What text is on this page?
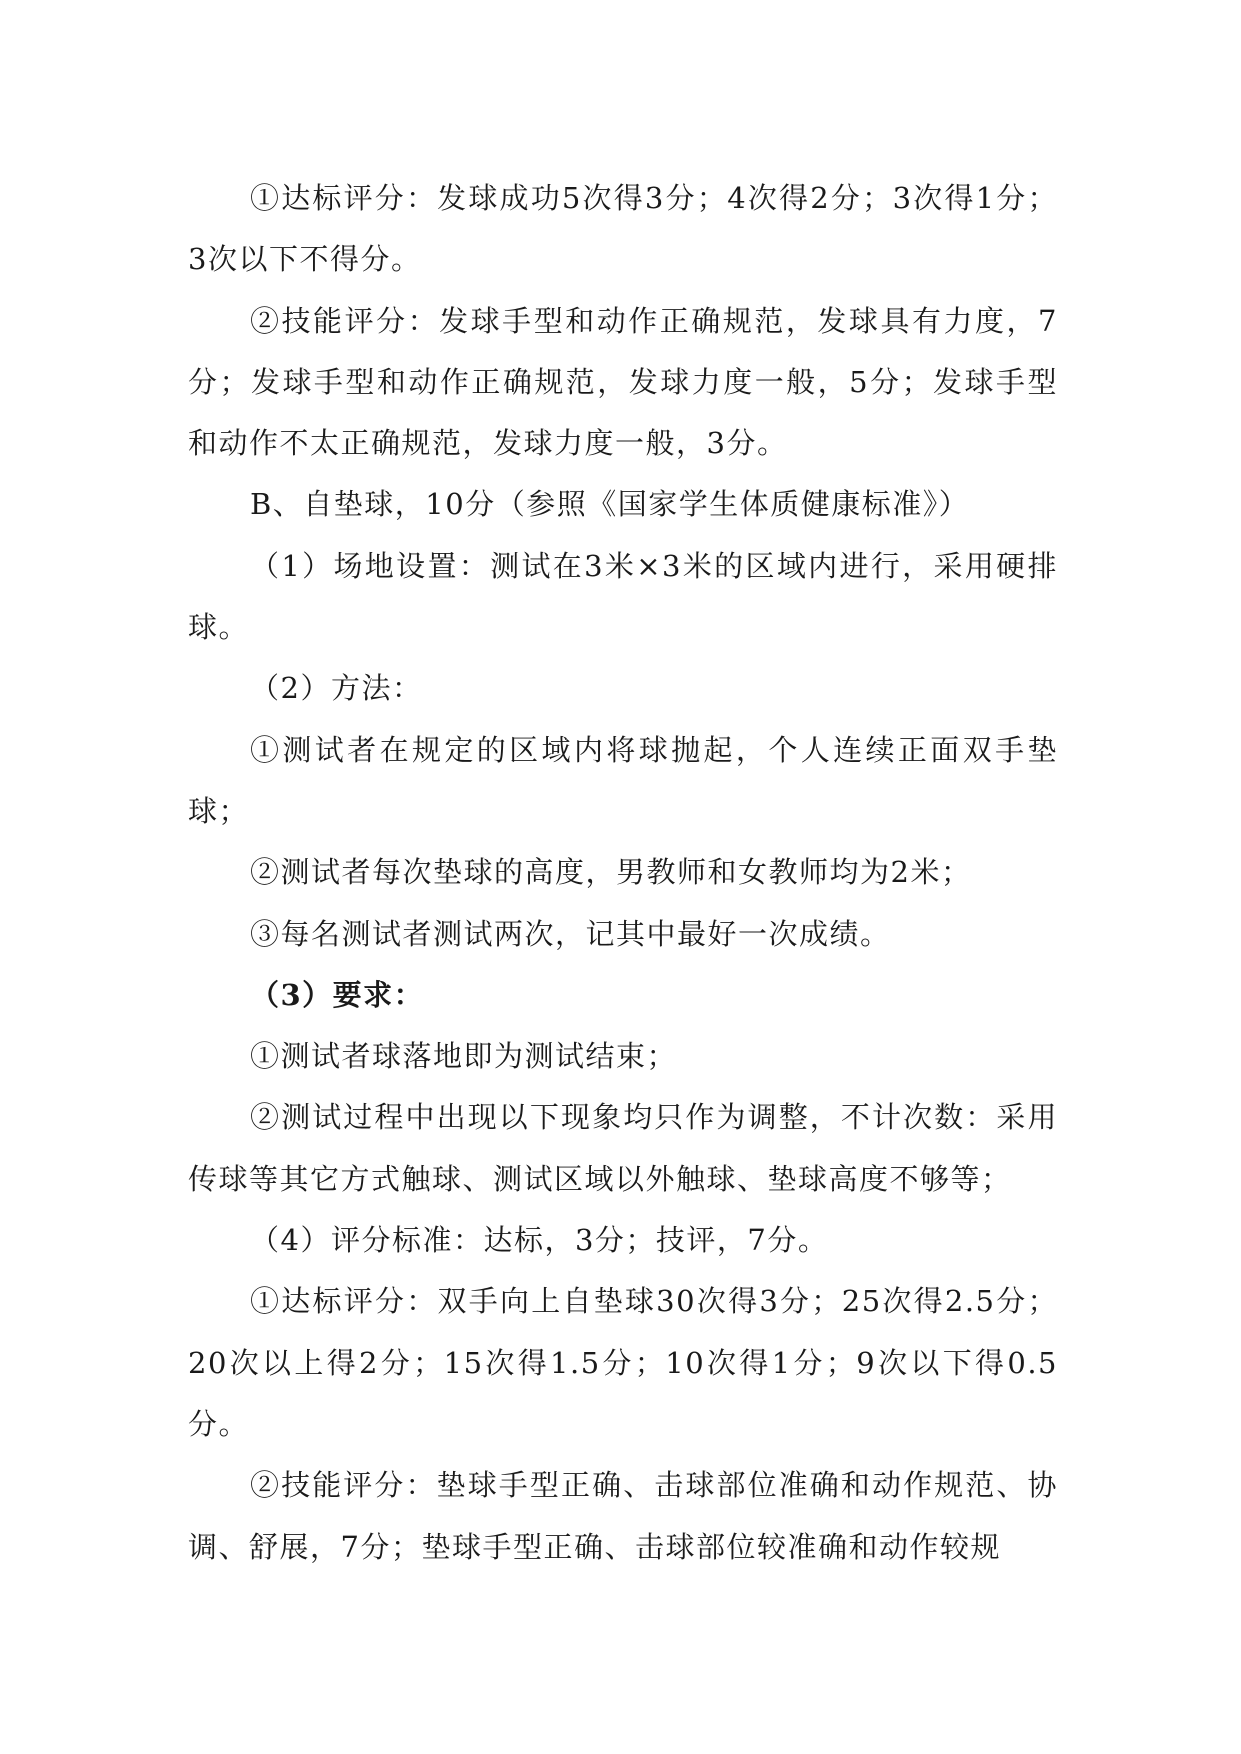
①达标评分：发球成功5次得3分；4次得2分；3次得1分；3次以下不得分。

②技能评分：发球手型和动作正确规范，发球具有力度，7分；发球手型和动作正确规范，发球力度一般，5分；发球手型和动作不太正确规范，发球力度一般，3分。

B、自垫球，10分（参照《国家学生体质健康标准》）

（1）场地设置：测试在3米×3米的区域内进行，采用硬排球。

（2）方法：

①测试者在规定的区域内将球抛起，个人连续正面双手垫球；

②测试者每次垫球的高度，男教师和女教师均为2米；

③每名测试者测试两次，记其中最好一次成绩。

（3）要求：

①测试者球落地即为测试结束；

②测试过程中出现以下现象均只作为调整，不计次数：采用传球等其它方式触球、测试区域以外触球、垫球高度不够等；

（4）评分标准：达标，3分；技评，7分。

①达标评分：双手向上自垫球30次得3分；25次得2.5分；20次以上得2分；15次得1.5分；10次得1分；9次以下得0.5分。

②技能评分：垫球手型正确、击球部位准确和动作规范、协调、舒展，7分；垫球手型正确、击球部位较准确和动作较规
